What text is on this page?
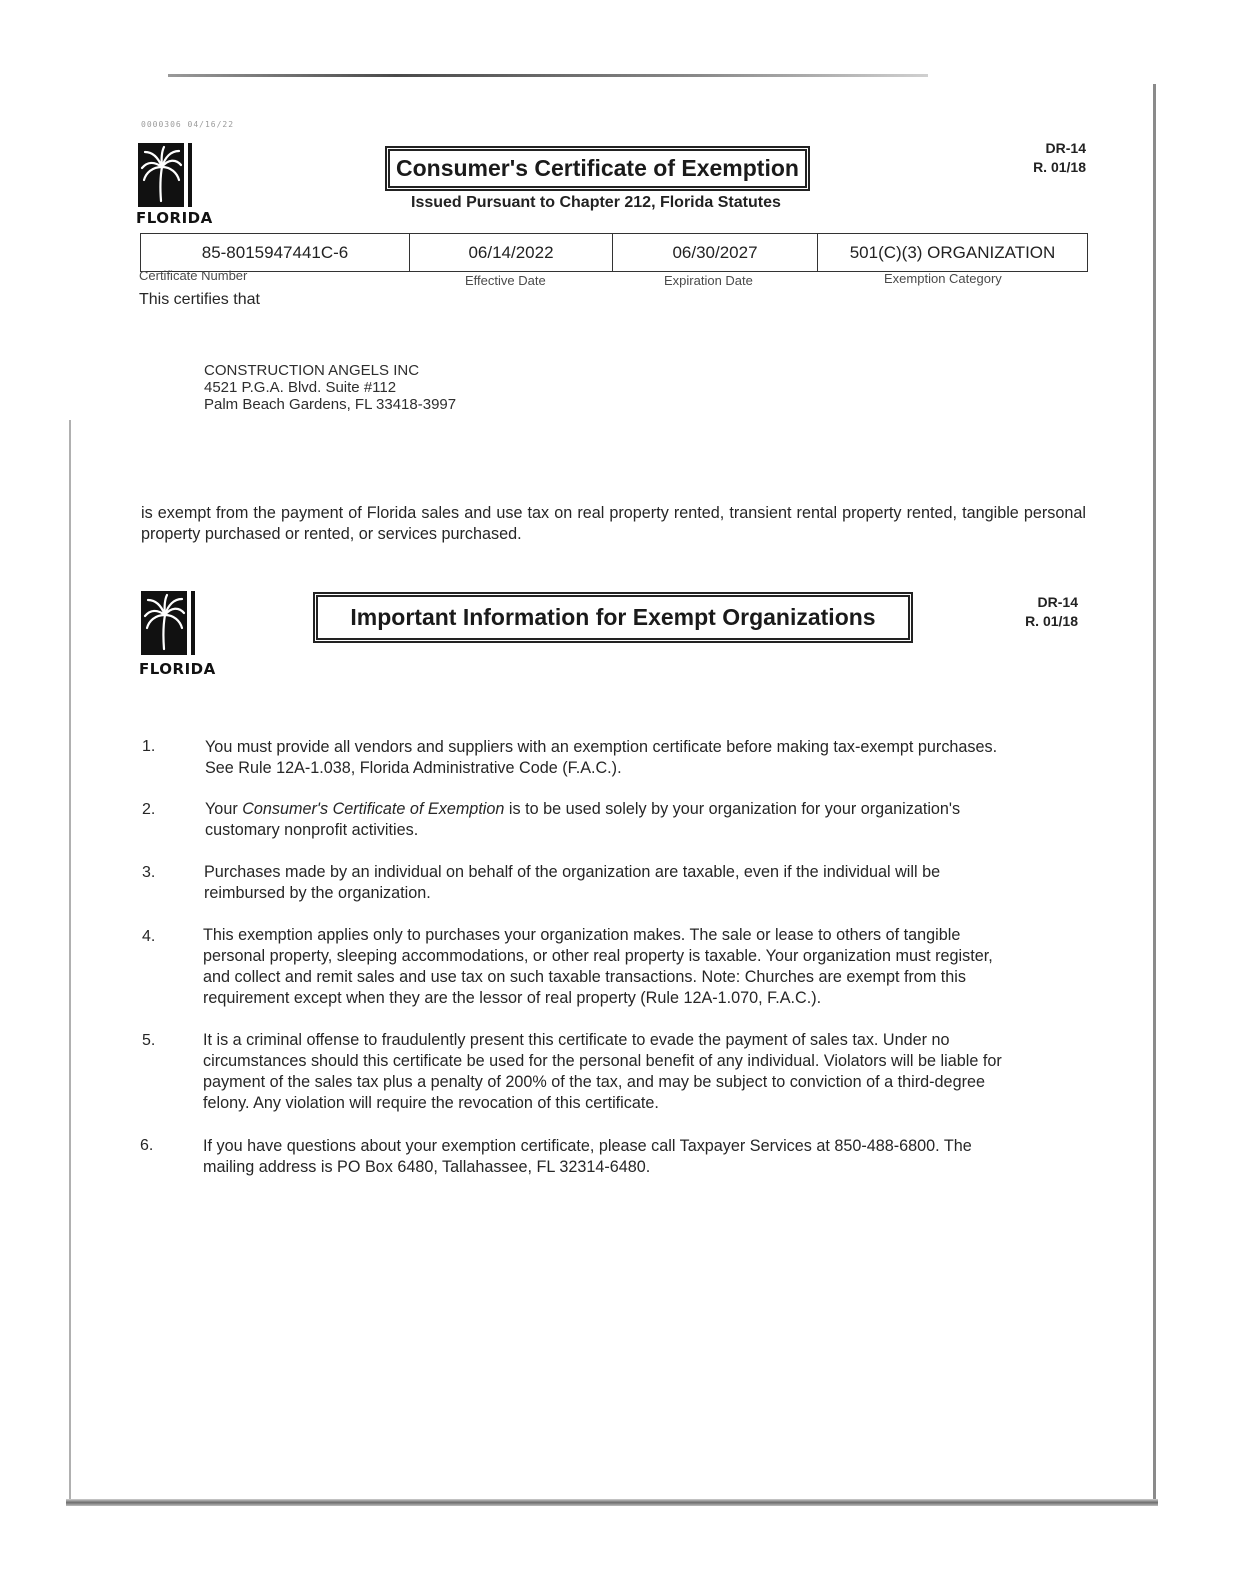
0000306 04/16/22
FLORIDA
Consumer's Certificate of Exemption
Issued Pursuant to Chapter 212, Florida Statutes
DR-14
R. 01/18
85-8015947441C-6	06/14/2022	06/30/2027	501(C)(3) ORGANIZATION
Certificate Number	Effective Date	Expiration Date	Exemption Category
This certifies that
CONSTRUCTION ANGELS INC
4521 P.G.A. Blvd. Suite #112
Palm Beach Gardens, FL 33418-3997
is exempt from the payment of Florida sales and use tax on real property rented, transient rental property rented, tangible personal property purchased or rented, or services purchased.
FLORIDA
Important Information for Exempt Organizations
DR-14
R. 01/18
1.	You must provide all vendors and suppliers with an exemption certificate before making tax-exempt purchases.
See Rule 12A-1.038, Florida Administrative Code (F.A.C.).
2.	Your Consumer's Certificate of Exemption is to be used solely by your organization for your organization's
customary nonprofit activities.
3.	Purchases made by an individual on behalf of the organization are taxable, even if the individual will be
reimbursed by the organization.
4.	This exemption applies only to purchases your organization makes. The sale or lease to others of tangible
personal property, sleeping accommodations, or other real property is taxable. Your organization must register,
and collect and remit sales and use tax on such taxable transactions. Note: Churches are exempt from this
requirement except when they are the lessor of real property (Rule 12A-1.070, F.A.C.).
5.	It is a criminal offense to fraudulently present this certificate to evade the payment of sales tax. Under no
circumstances should this certificate be used for the personal benefit of any individual. Violators will be liable for
payment of the sales tax plus a penalty of 200% of the tax, and may be subject to conviction of a third-degree
felony. Any violation will require the revocation of this certificate.
6.	If you have questions about your exemption certificate, please call Taxpayer Services at 850-488-6800. The
mailing address is PO Box 6480, Tallahassee, FL 32314-6480.
